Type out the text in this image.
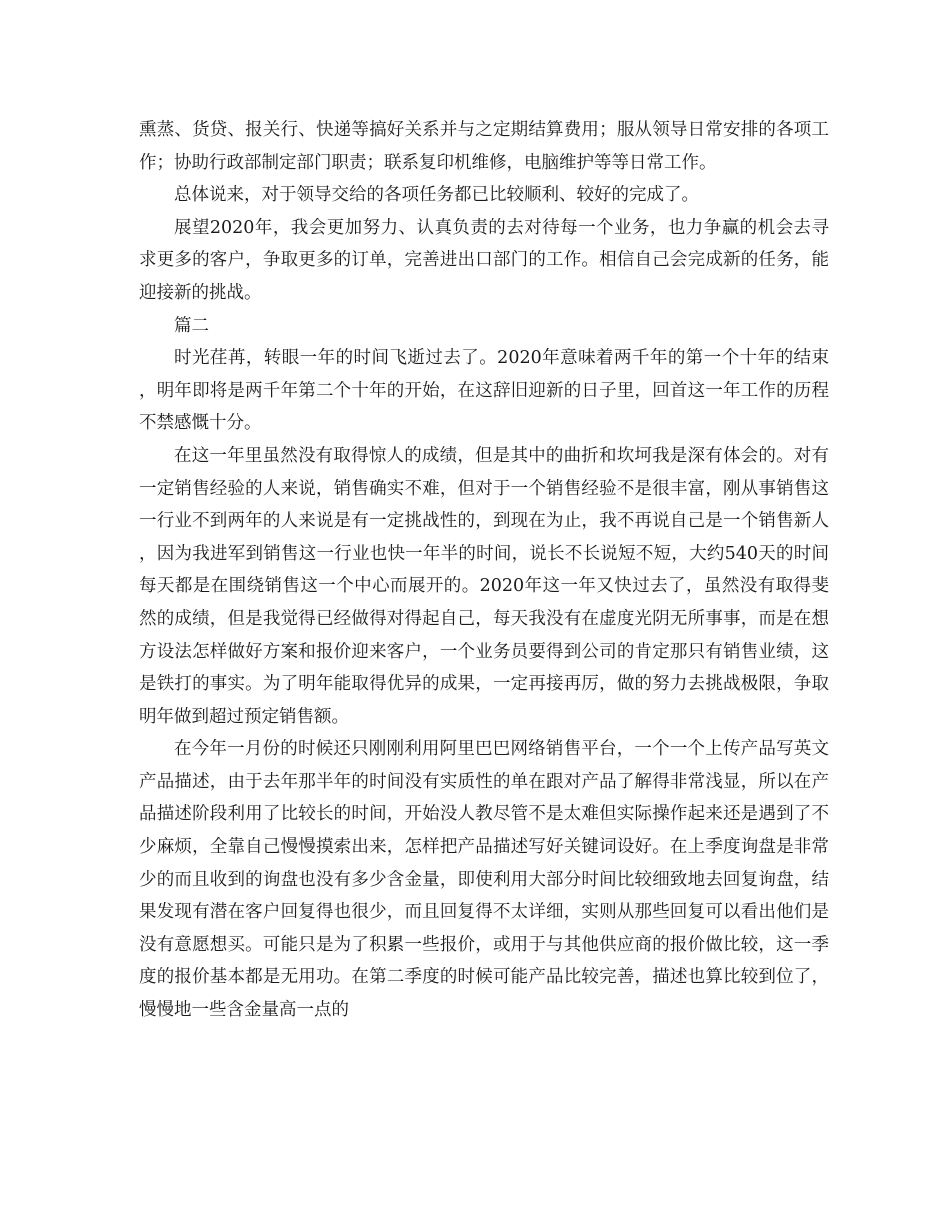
熏蒸、货贷、报关行、快递等搞好关系并与之定期结算费用；服从领导日常安排的各项工作；协助行政部制定部门职责；联系复印机维修，电脑维护等等日常工作。

总体说来，对于领导交给的各项任务都已比较顺利、较好的完成了。

展望2020年，我会更加努力、认真负责的去对待每一个业务，也力争赢的机会去寻求更多的客户，争取更多的订单，完善进出口部门的工作。相信自己会完成新的任务，能迎接新的挑战。

篇二

时光荏苒，转眼一年的时间飞逝过去了。2020年意味着两千年的第一个十年的结束，明年即将是两千年第二个十年的开始，在这辞旧迎新的日子里，回首这一年工作的历程不禁感慨十分。

在这一年里虽然没有取得惊人的成绩，但是其中的曲折和坎坷我是深有体会的。对有一定销售经验的人来说，销售确实不难，但对于一个销售经验不是很丰富，刚从事销售这一行业不到两年的人来说是有一定挑战性的，到现在为止，我不再说自己是一个销售新人，因为我进军到销售这一行业也快一年半的时间，说长不长说短不短，大约540天的时间每天都是在围绕销售这一个中心而展开的。2020年这一年又快过去了，虽然没有取得斐然的成绩，但是我觉得已经做得对得起自己，每天我没有在虚度光阴无所事事，而是在想方设法怎样做好方案和报价迎来客户，一个业务员要得到公司的肯定那只有销售业绩，这是铁打的事实。为了明年能取得优异的成果，一定再接再厉，做的努力去挑战极限，争取明年做到超过预定销售额。

在今年一月份的时候还只刚刚利用阿里巴巴网络销售平台，一个一个上传产品写英文产品描述，由于去年那半年的时间没有实质性的单在跟对产品了解得非常浅显，所以在产品描述阶段利用了比较长的时间，开始没人教尽管不是太难但实际操作起来还是遇到了不少麻烦，全靠自己慢慢摸索出来，怎样把产品描述写好关键词设好。在上季度询盘是非常少的而且收到的询盘也没有多少含金量，即使利用大部分时间比较细致地去回复询盘，结果发现有潜在客户回复得也很少，而且回复得不太详细，实则从那些回复可以看出他们是没有意愿想买。可能只是为了积累一些报价，或用于与其他供应商的报价做比较，这一季度的报价基本都是无用功。在第二季度的时候可能产品比较完善，描述也算比较到位了，慢慢地一些含金量高一点的
